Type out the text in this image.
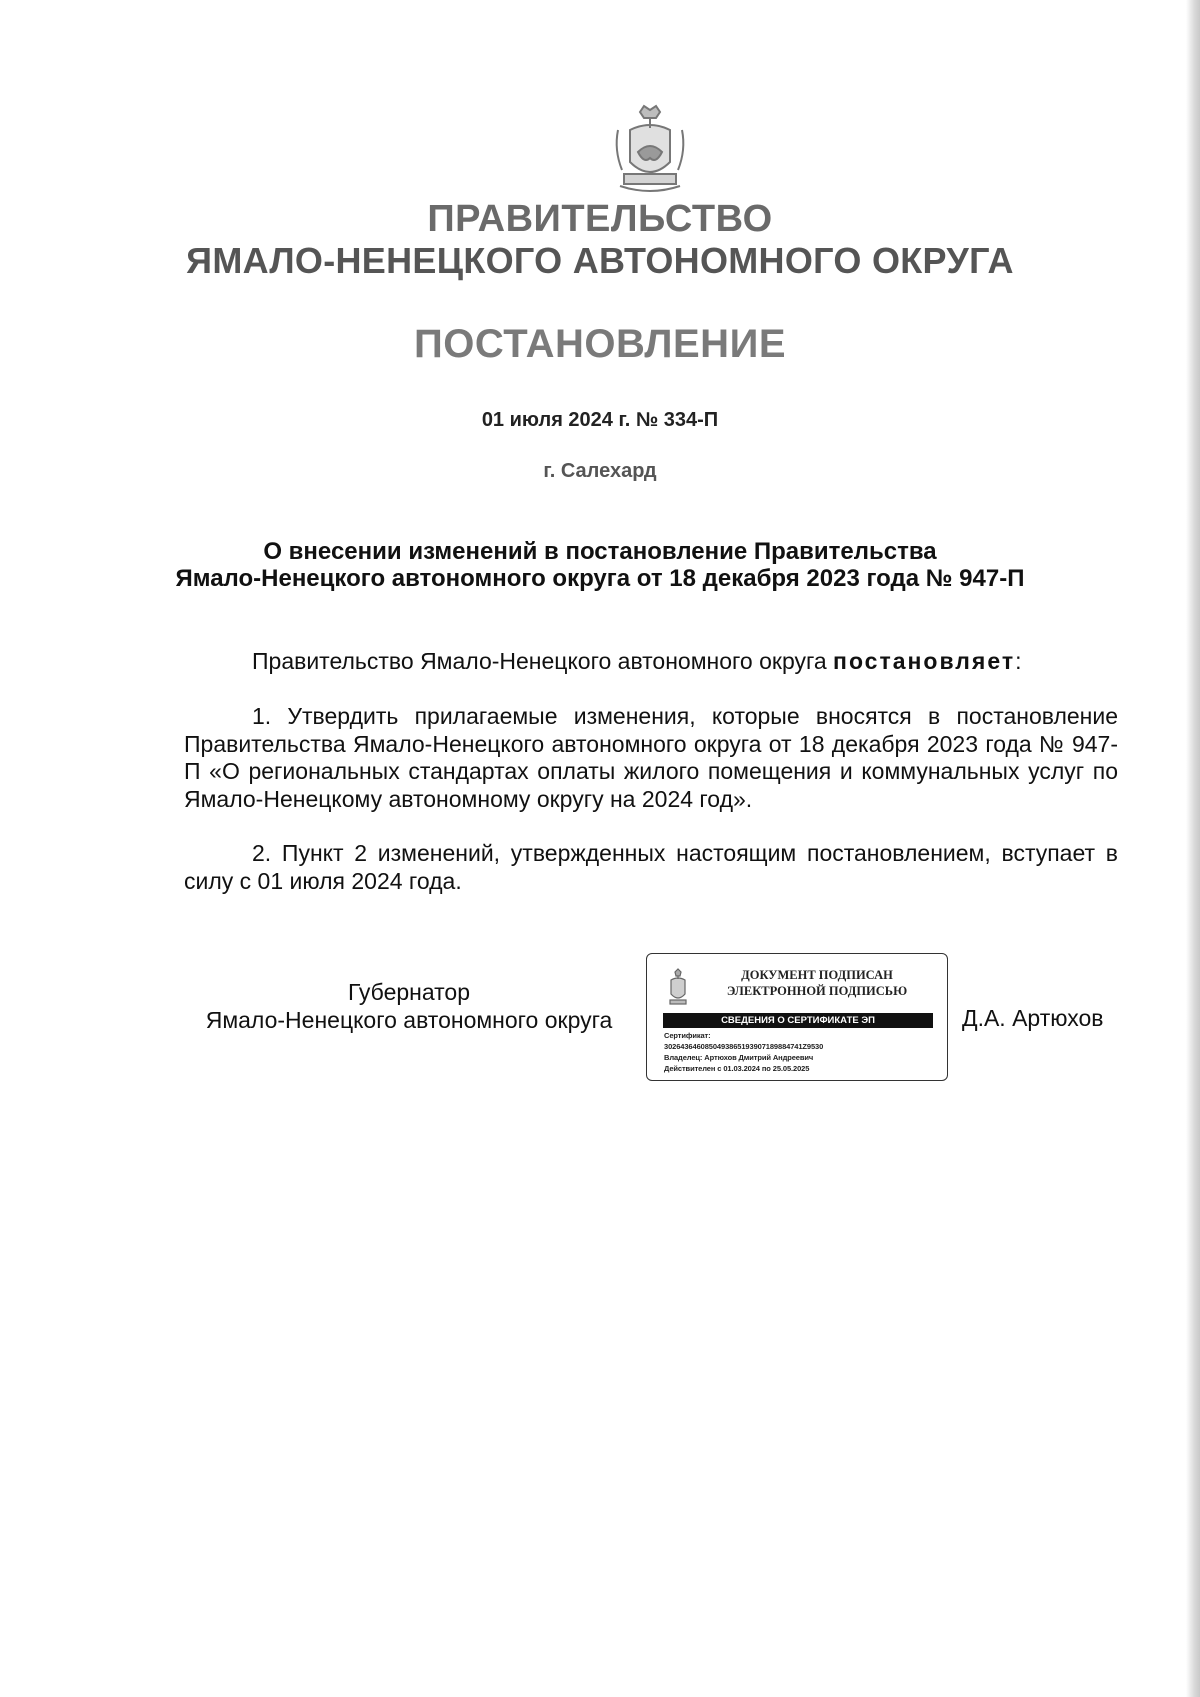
ПРАВИТЕЛЬСТВО
ЯМАЛО-НЕНЕЦКОГО АВТОНОМНОГО ОКРУГА
ПОСТАНОВЛЕНИЕ
01 июля 2024 г. № 334-П
г. Салехард
О внесении изменений в постановление Правительства
Ямало-Ненецкого автономного округа от 18 декабря 2023 года № 947-П
Правительство Ямало-Ненецкого автономного округа постановляет:
1. Утвердить прилагаемые изменения, которые вносятся в постановление Правительства Ямало-Ненецкого автономного округа от 18 декабря 2023 года № 947-П «О региональных стандартах оплаты жилого помещения и коммунальных услуг по Ямало-Ненецкому автономному округу на 2024 год».
2. Пункт 2 изменений, утвержденных настоящим постановлением, вступает в силу с 01 июля 2024 года.
Губернатор
Ямало-Ненецкого автономного округа
ДОКУМЕНТ ПОДПИСАН
ЭЛЕКТРОННОЙ ПОДПИСЬЮ
СВЕДЕНИЯ О СЕРТИФИКАТЕ ЭП
Сертификат:
3026436460850493865193907189884741Z9530
Владелец: Артюхов Дмитрий Андреевич
Действителен с 01.03.2024 по 25.05.2025
Д.А. Артюхов
